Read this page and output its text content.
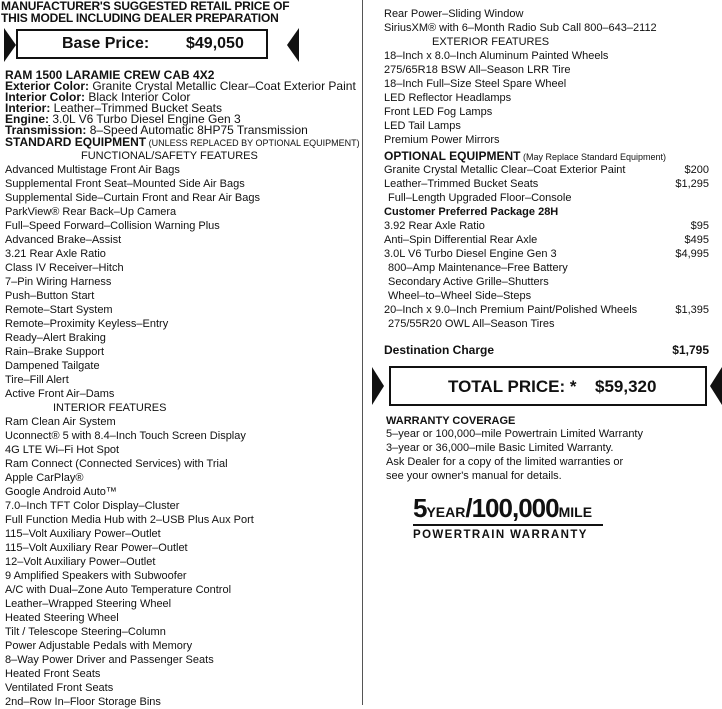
MANUFACTURER'S SUGGESTED RETAIL PRICE OF
THIS MODEL INCLUDING DEALER PREPARATION
Base Price: $49,050
RAM 1500 LARAMIE CREW CAB 4X2
Exterior Color: Granite Crystal Metallic Clear–Coat Exterior Paint
Interior Color: Black Interior Color
Interior: Leather–Trimmed Bucket Seats
Engine: 3.0L V6 Turbo Diesel Engine Gen 3
Transmission: 8–Speed Automatic 8HP75 Transmission
STANDARD EQUIPMENT (UNLESS REPLACED BY OPTIONAL EQUIPMENT)
FUNCTIONAL/SAFETY FEATURES
Advanced Multistage Front Air Bags
Supplemental Front Seat–Mounted Side Air Bags
Supplemental Side–Curtain Front and Rear Air Bags
ParkView® Rear Back–Up Camera
Full–Speed Forward–Collision Warning Plus
Advanced Brake–Assist
3.21 Rear Axle Ratio
Class IV Receiver–Hitch
7–Pin Wiring Harness
Push–Button Start
Remote–Start System
Remote–Proximity Keyless–Entry
Ready–Alert Braking
Rain–Brake Support
Dampened Tailgate
Tire–Fill Alert
Active Front Air–Dams
INTERIOR FEATURES
Ram Clean Air System
Uconnect® 5 with 8.4–Inch Touch Screen Display
4G LTE Wi–Fi Hot Spot
Ram Connect (Connected Services) with Trial
Apple CarPlay®
Google Android Auto™
7.0–Inch TFT Color Display–Cluster
Full Function Media Hub with 2–USB Plus Aux Port
115–Volt Auxiliary Power–Outlet
115–Volt Auxiliary Rear Power–Outlet
12–Volt Auxiliary Power–Outlet
9 Amplified Speakers with Subwoofer
A/C with Dual–Zone Auto Temperature Control
Leather–Wrapped Steering Wheel
Heated Steering Wheel
Tilt / Telescope Steering–Column
Power Adjustable Pedals with Memory
8–Way Power Driver and Passenger Seats
Heated Front Seats
Ventilated Front Seats
2nd–Row In–Floor Storage Bins
Rear Power–Sliding Window
SiriusXM® with 6–Month Radio Sub Call 800–643–2112
EXTERIOR FEATURES
18–Inch x 8.0–Inch Aluminum Painted Wheels
275/65R18 BSW All–Season LRR Tire
18–Inch Full–Size Steel Spare Wheel
LED Reflector Headlamps
Front LED Fog Lamps
LED Tail Lamps
Premium Power Mirrors
OPTIONAL EQUIPMENT (May Replace Standard Equipment)
Granite Crystal Metallic Clear–Coat Exterior Paint	$200
Leather–Trimmed Bucket Seats	$1,295
Full–Length Upgraded Floor–Console
Customer Preferred Package 28H
3.92 Rear Axle Ratio	$95
Anti–Spin Differential Rear Axle	$495
3.0L V6 Turbo Diesel Engine Gen 3	$4,995
800–Amp Maintenance–Free Battery
Secondary Active Grille–Shutters
Wheel–to–Wheel Side–Steps
20–Inch x 9.0–Inch Premium Paint/Polished Wheels	$1,395
275/55R20 OWL All–Season Tires
Destination Charge	$1,795
TOTAL PRICE: * $59,320
WARRANTY COVERAGE
5–year or 100,000–mile Powertrain Limited Warranty
3–year or 36,000–mile Basic Limited Warranty.
Ask Dealer for a copy of the limited warranties or
see your owner's manual for details.
5YEAR/100,000MILE
POWERTRAIN WARRANTY
